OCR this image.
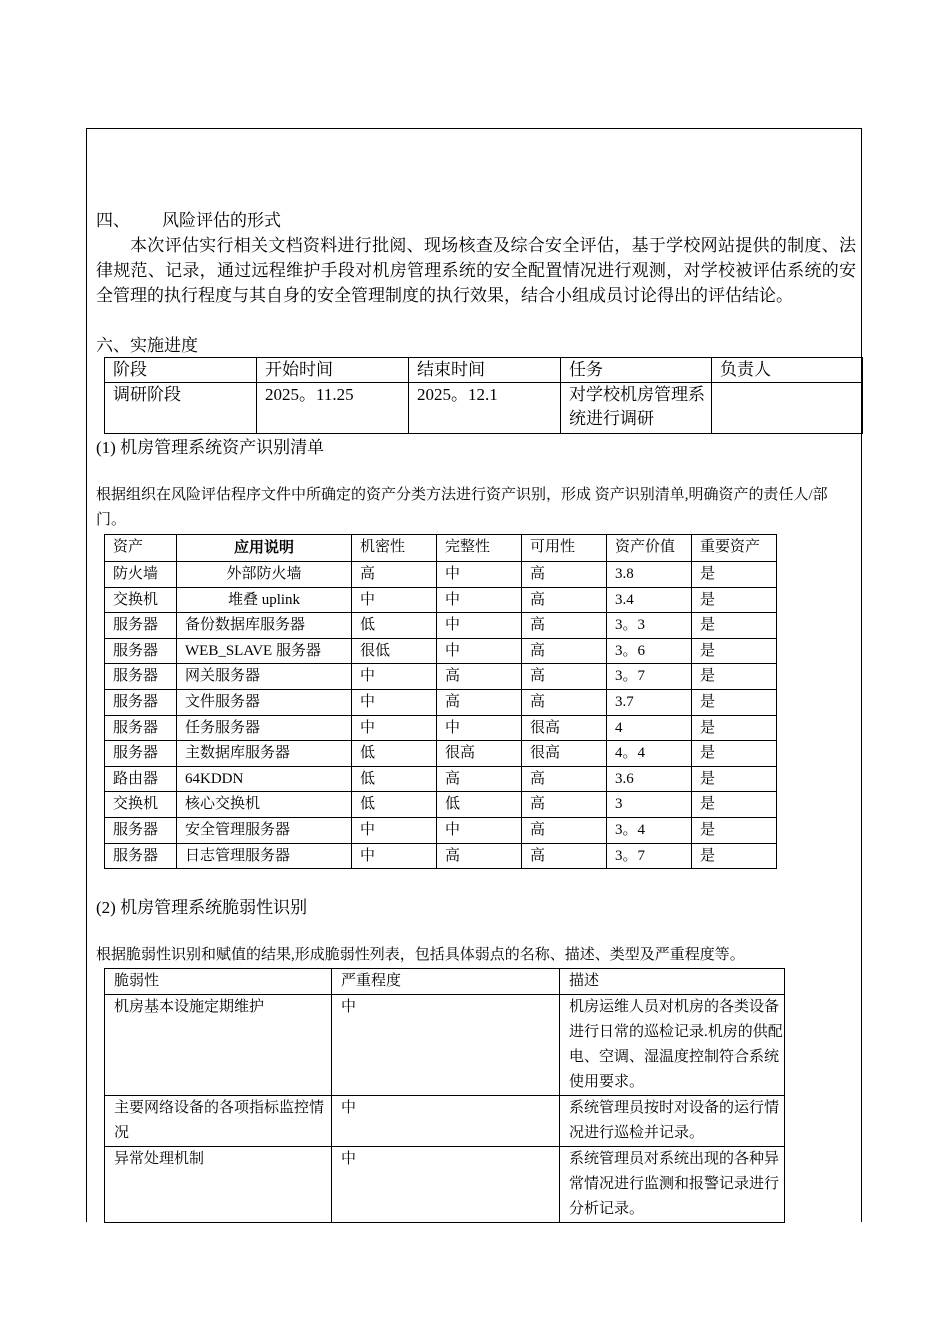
四、 风险评估的形式
本次评估实行相关文档资料进行批阅、现场核查及综合安全评估，基于学校网站提供的制度、法律规范、记录，通过远程维护手段对机房管理系统的安全配置情况进行观测，对学校被评估系统的安全管理的执行程度与其自身的安全管理制度的执行效果，结合小组成员讨论得出的评估结论。
六、实施进度
阶段	开始时间	结束时间	任务	负责人
调研阶段	2025。11.25	2025。12.1	对学校机房管理系统进行调研	
(1) 机房管理系统资产识别清单
根据组织在风险评估程序文件中所确定的资产分类方法进行资产识别，形成 资产识别清单,明确资产的责任人/部门。
资产	应用说明	机密性	完整性	可用性	资产价值	重要资产
防火墙	外部防火墙	高	中	高	3.8	是
交换机	堆叠 uplink	中	中	高	3.4	是
服务器	备份数据库服务器	低	中	高	3。3	是
服务器	WEB_SLAVE 服务器	很低	中	高	3。6	是
服务器	网关服务器	中	高	高	3。7	是
服务器	文件服务器	中	高	高	3.7	是
服务器	任务服务器	中	中	很高	4	是
服务器	主数据库服务器	低	很高	很高	4。4	是
路由器	64KDDN	低	高	高	3.6	是
交换机	核心交换机	低	低	高	3	是
服务器	安全管理服务器	中	中	高	3。4	是
服务器	日志管理服务器	中	高	高	3。7	是
(2) 机房管理系统脆弱性识别
根据脆弱性识别和赋值的结果,形成脆弱性列表，包括具体弱点的名称、描述、类型及严重程度等。
脆弱性	严重程度	描述
机房基本设施定期维护	中	机房运维人员对机房的各类设备进行日常的巡检记录.机房的供配电、空调、湿温度控制符合系统使用要求。
主要网络设备的各项指标监控情况	中	系统管理员按时对设备的运行情况进行巡检并记录。
异常处理机制	中	系统管理员对系统出现的各种异常情况进行监测和报警记录进行分析记录。
